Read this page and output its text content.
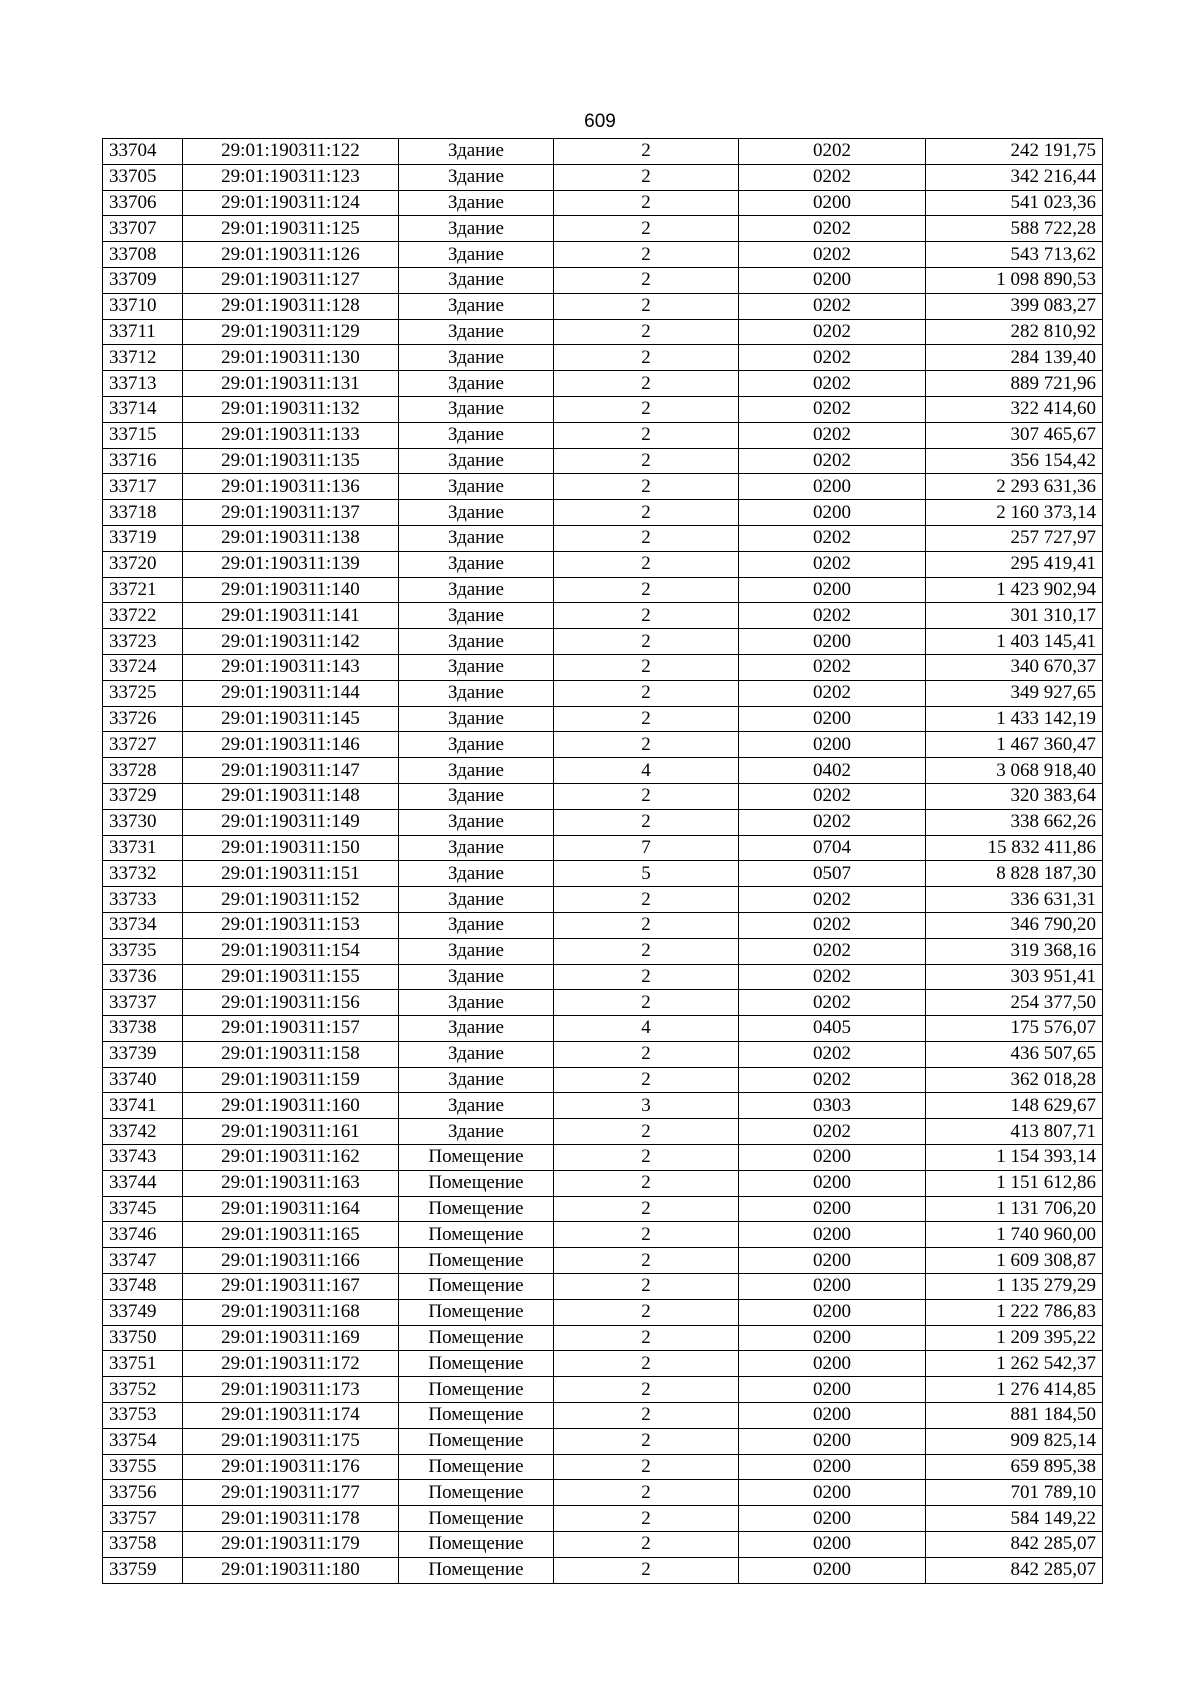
609
33704	29:01:190311:122	Здание	2	0202	242 191,75
33705	29:01:190311:123	Здание	2	0202	342 216,44
33706	29:01:190311:124	Здание	2	0200	541 023,36
33707	29:01:190311:125	Здание	2	0202	588 722,28
33708	29:01:190311:126	Здание	2	0202	543 713,62
33709	29:01:190311:127	Здание	2	0200	1 098 890,53
33710	29:01:190311:128	Здание	2	0202	399 083,27
33711	29:01:190311:129	Здание	2	0202	282 810,92
33712	29:01:190311:130	Здание	2	0202	284 139,40
33713	29:01:190311:131	Здание	2	0202	889 721,96
33714	29:01:190311:132	Здание	2	0202	322 414,60
33715	29:01:190311:133	Здание	2	0202	307 465,67
33716	29:01:190311:135	Здание	2	0202	356 154,42
33717	29:01:190311:136	Здание	2	0200	2 293 631,36
33718	29:01:190311:137	Здание	2	0200	2 160 373,14
33719	29:01:190311:138	Здание	2	0202	257 727,97
33720	29:01:190311:139	Здание	2	0202	295 419,41
33721	29:01:190311:140	Здание	2	0200	1 423 902,94
33722	29:01:190311:141	Здание	2	0202	301 310,17
33723	29:01:190311:142	Здание	2	0200	1 403 145,41
33724	29:01:190311:143	Здание	2	0202	340 670,37
33725	29:01:190311:144	Здание	2	0202	349 927,65
33726	29:01:190311:145	Здание	2	0200	1 433 142,19
33727	29:01:190311:146	Здание	2	0200	1 467 360,47
33728	29:01:190311:147	Здание	4	0402	3 068 918,40
33729	29:01:190311:148	Здание	2	0202	320 383,64
33730	29:01:190311:149	Здание	2	0202	338 662,26
33731	29:01:190311:150	Здание	7	0704	15 832 411,86
33732	29:01:190311:151	Здание	5	0507	8 828 187,30
33733	29:01:190311:152	Здание	2	0202	336 631,31
33734	29:01:190311:153	Здание	2	0202	346 790,20
33735	29:01:190311:154	Здание	2	0202	319 368,16
33736	29:01:190311:155	Здание	2	0202	303 951,41
33737	29:01:190311:156	Здание	2	0202	254 377,50
33738	29:01:190311:157	Здание	4	0405	175 576,07
33739	29:01:190311:158	Здание	2	0202	436 507,65
33740	29:01:190311:159	Здание	2	0202	362 018,28
33741	29:01:190311:160	Здание	3	0303	148 629,67
33742	29:01:190311:161	Здание	2	0202	413 807,71
33743	29:01:190311:162	Помещение	2	0200	1 154 393,14
33744	29:01:190311:163	Помещение	2	0200	1 151 612,86
33745	29:01:190311:164	Помещение	2	0200	1 131 706,20
33746	29:01:190311:165	Помещение	2	0200	1 740 960,00
33747	29:01:190311:166	Помещение	2	0200	1 609 308,87
33748	29:01:190311:167	Помещение	2	0200	1 135 279,29
33749	29:01:190311:168	Помещение	2	0200	1 222 786,83
33750	29:01:190311:169	Помещение	2	0200	1 209 395,22
33751	29:01:190311:172	Помещение	2	0200	1 262 542,37
33752	29:01:190311:173	Помещение	2	0200	1 276 414,85
33753	29:01:190311:174	Помещение	2	0200	881 184,50
33754	29:01:190311:175	Помещение	2	0200	909 825,14
33755	29:01:190311:176	Помещение	2	0200	659 895,38
33756	29:01:190311:177	Помещение	2	0200	701 789,10
33757	29:01:190311:178	Помещение	2	0200	584 149,22
33758	29:01:190311:179	Помещение	2	0200	842 285,07
33759	29:01:190311:180	Помещение	2	0200	842 285,07
